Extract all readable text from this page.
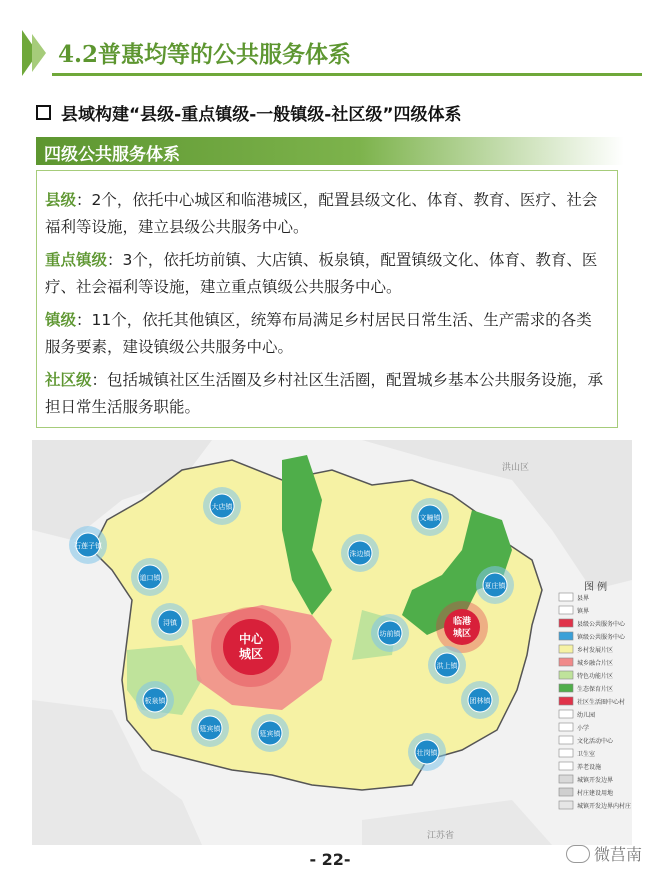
4.2普惠均等的公共服务体系
县域构建“县级-重点镇级-一般镇级-社区级”四级体系
四级公共服务体系

县级：2个，依托中心城区和临港城区，配置县级文化、体育、教育、医疗、社会福利等设施，建立县级公共服务中心。

重点镇级：3个，依托坊前镇、大店镇、板泉镇，配置镇级文化、体育、教育、医疗、社会福利等设施，建立重点镇级公共服务中心。

镇级：11个，依托其他镇区，统筹布局满足乡村居民日常生活、生产需求的各类服务要素，建设镇级公共服务中心。

社区级：包括城镇社区生活圈及乡村社区生活圈，配置城乡基本公共服务设施，承担日常生活服务职能。

洪山区
江苏省
中心
城区
临港
城区
大店镇
文疃镇
石莲子镇
洙边镇
夏庄镇
道口镇
浔镇
坊前镇
洪上镇
团林镇
板泉镇
筵宾镇
筵宾镇
壮岗镇
图 例
县界
镇界
县级公共服务中心
镇级公共服务中心
乡村发展片区
城乡融合片区
特色功能片区
生态保育片区
社区生活圈中心村
幼儿园
小学
文化活动中心
卫生室
养老设施
城镇开发边界
村庄建设用地
城镇开发边界内村庄
- 22-	微莒南
